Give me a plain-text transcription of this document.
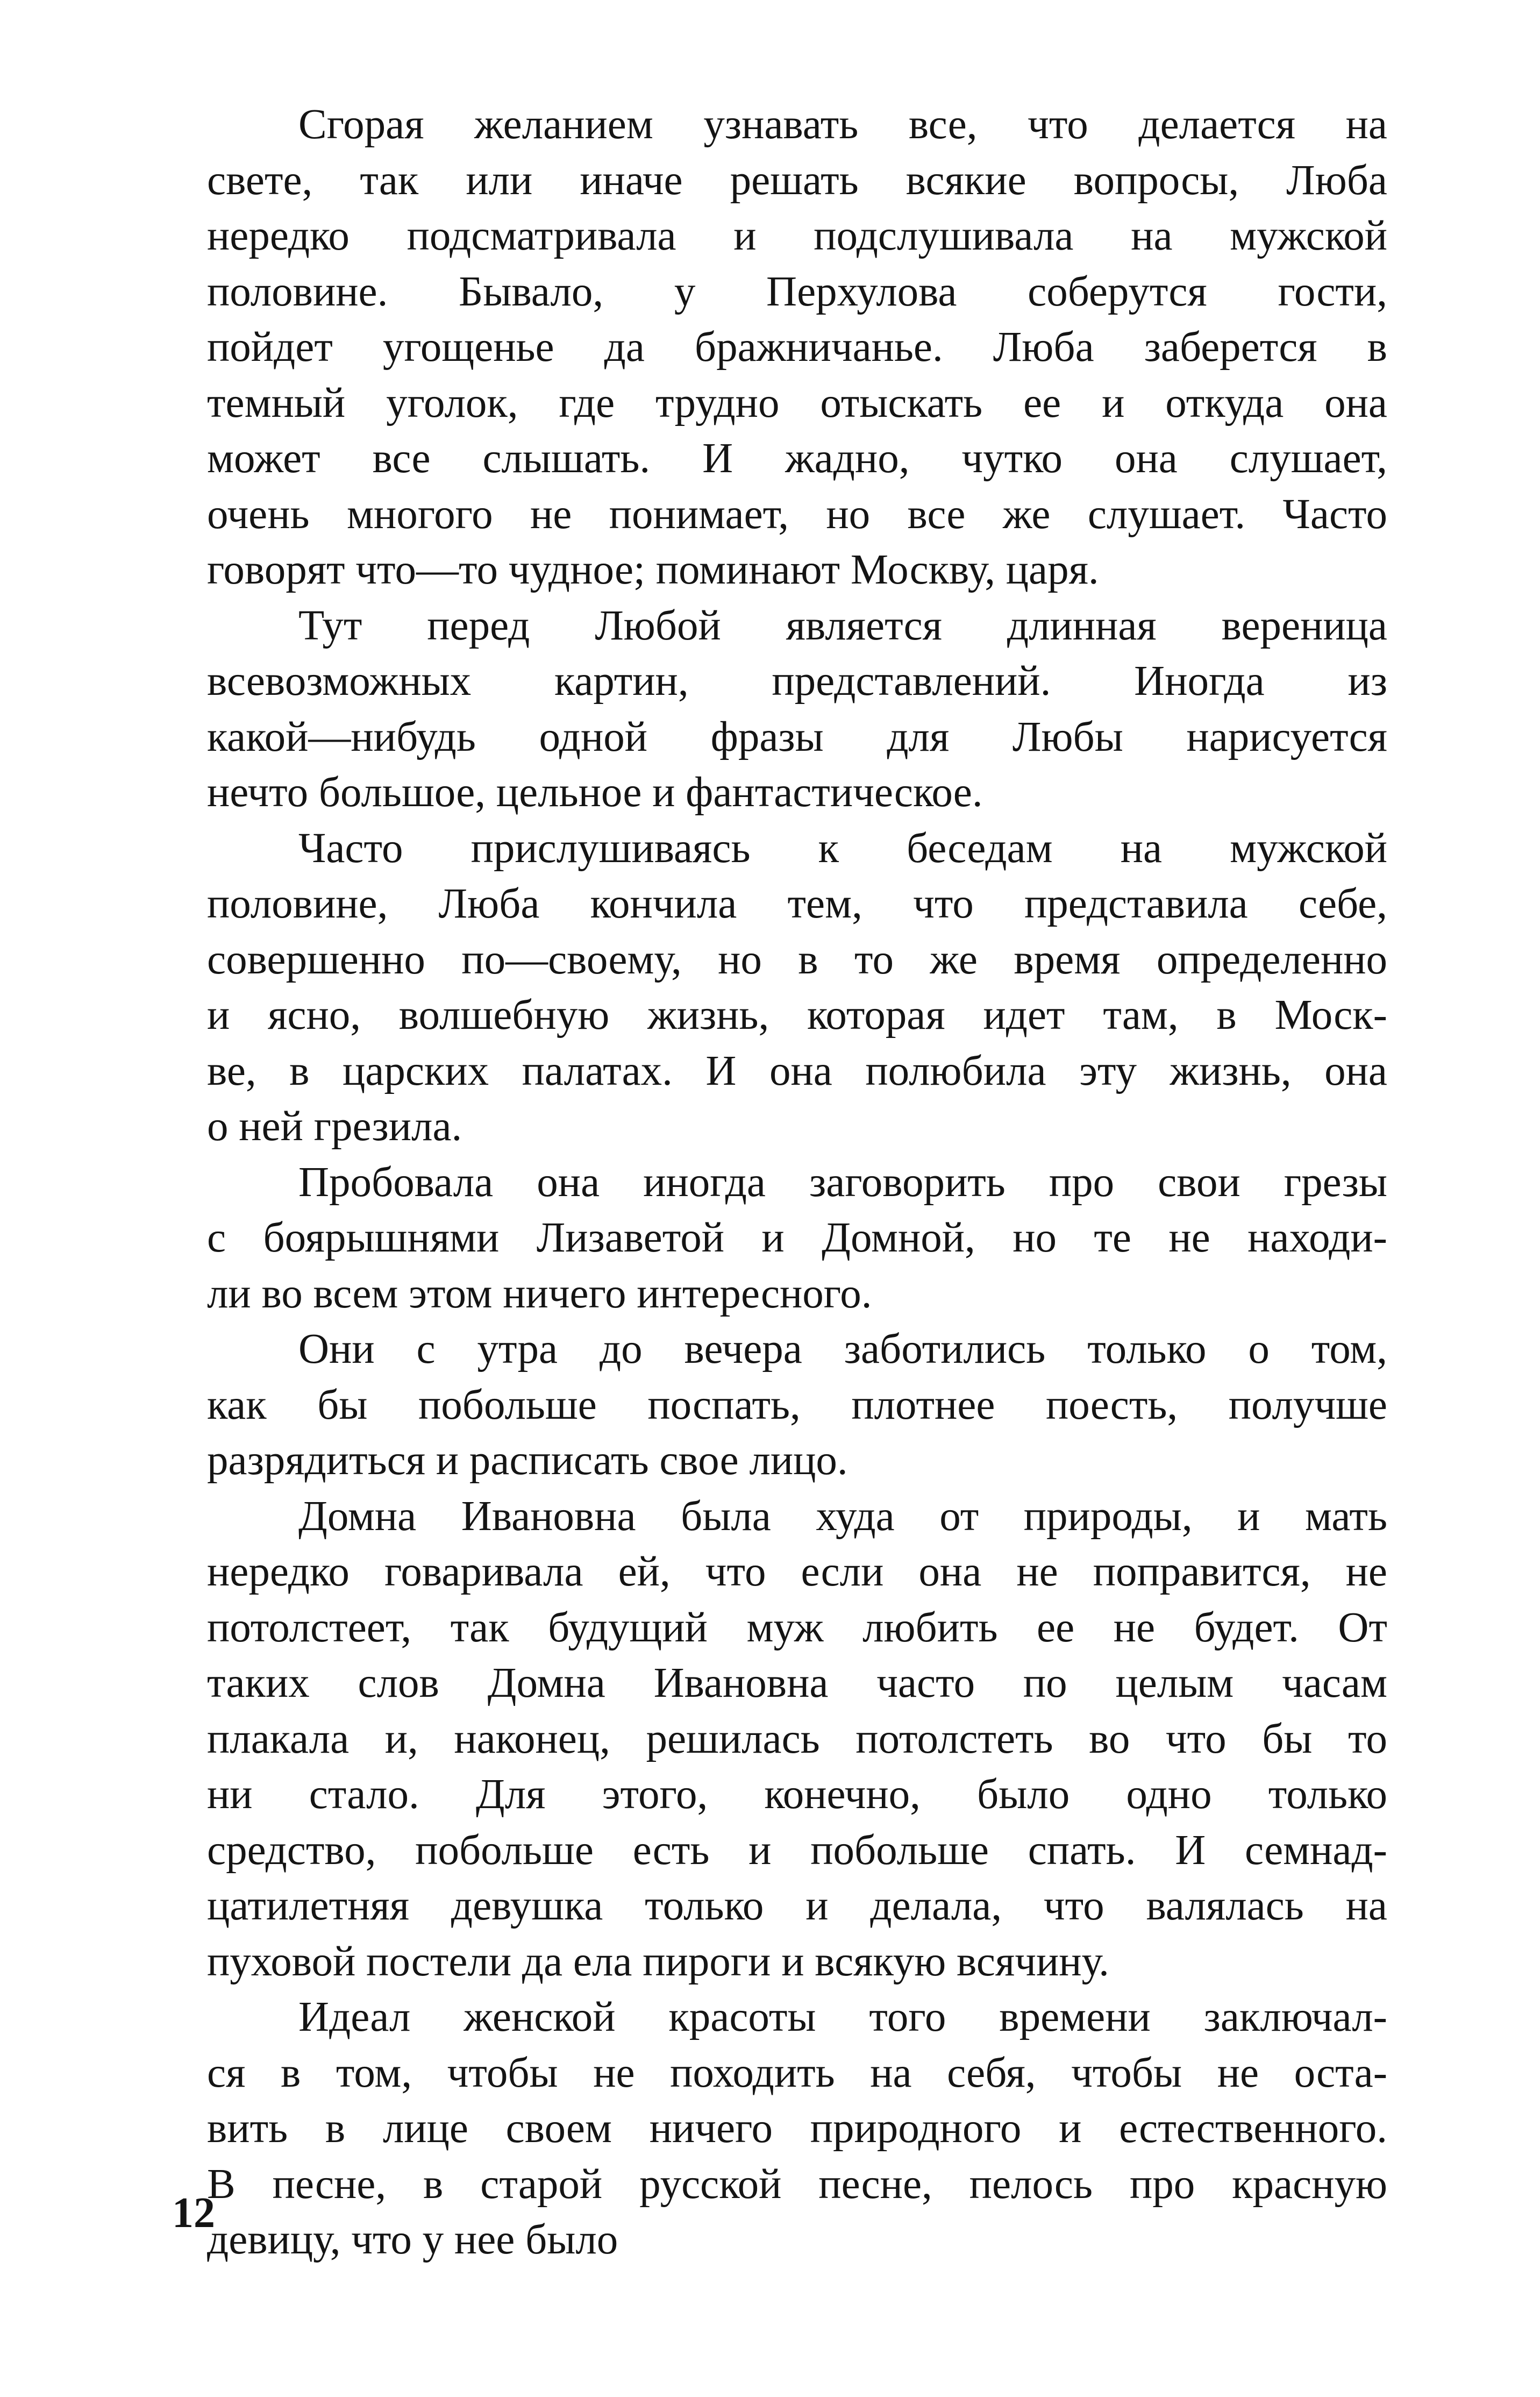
Сгорая желанием узнавать все, что делается на
свете, так или иначе решать всякие вопросы, Люба
нередко подсматривала и подслушивала на мужской
половине. Бывало, у Перхулова соберутся гости,
пойдет угощенье да бражничанье. Люба заберется в
темный уголок, где трудно отыскать ее и откуда она
может все слышать. И жадно, чутко она слушает,
очень многого не понимает, но все же слушает. Часто
говорят что—то чудное; поминают Москву, царя.

Тут перед Любой является длинная вереница
всевозможных картин, представлений. Иногда из
какой—нибудь одной фразы для Любы нарисуется
нечто большое, цельное и фантастическое.

Часто прислушиваясь к беседам на мужской
половине, Люба кончила тем, что представила себе,
совершенно по—своему, но в то же время определенно
и ясно, волшебную жизнь, которая идет там, в Моск-
ве, в царских палатах. И она полюбила эту жизнь, она
о ней грезила.

Пробовала она иногда заговорить про свои грезы
с боярышнями Лизаветой и Домной, но те не находи-
ли во всем этом ничего интересного.

Они с утра до вечера заботились только о том,
как бы побольше поспать, плотнее поесть, получше
разрядиться и расписать свое лицо.

Домна Ивановна была худа от природы, и мать
нередко говаривала ей, что если она не поправится, не
потолстеет, так будущий муж любить ее не будет. От
таких слов Домна Ивановна часто по целым часам
плакала и, наконец, решилась потолстеть во что бы то
ни стало. Для этого, конечно, было одно только
средство, побольше есть и побольше спать. И семнад-
цатилетняя девушка только и делала, что валялась на
пуховой постели да ела пироги и всякую всячину.

Идеал женской красоты того времени заключал-
ся в том, чтобы не походить на себя, чтобы не оста-
вить в лице своем ничего природного и естественного.
В песне, в старой русской песне, пелось про красную
девицу, что у нее было

12
